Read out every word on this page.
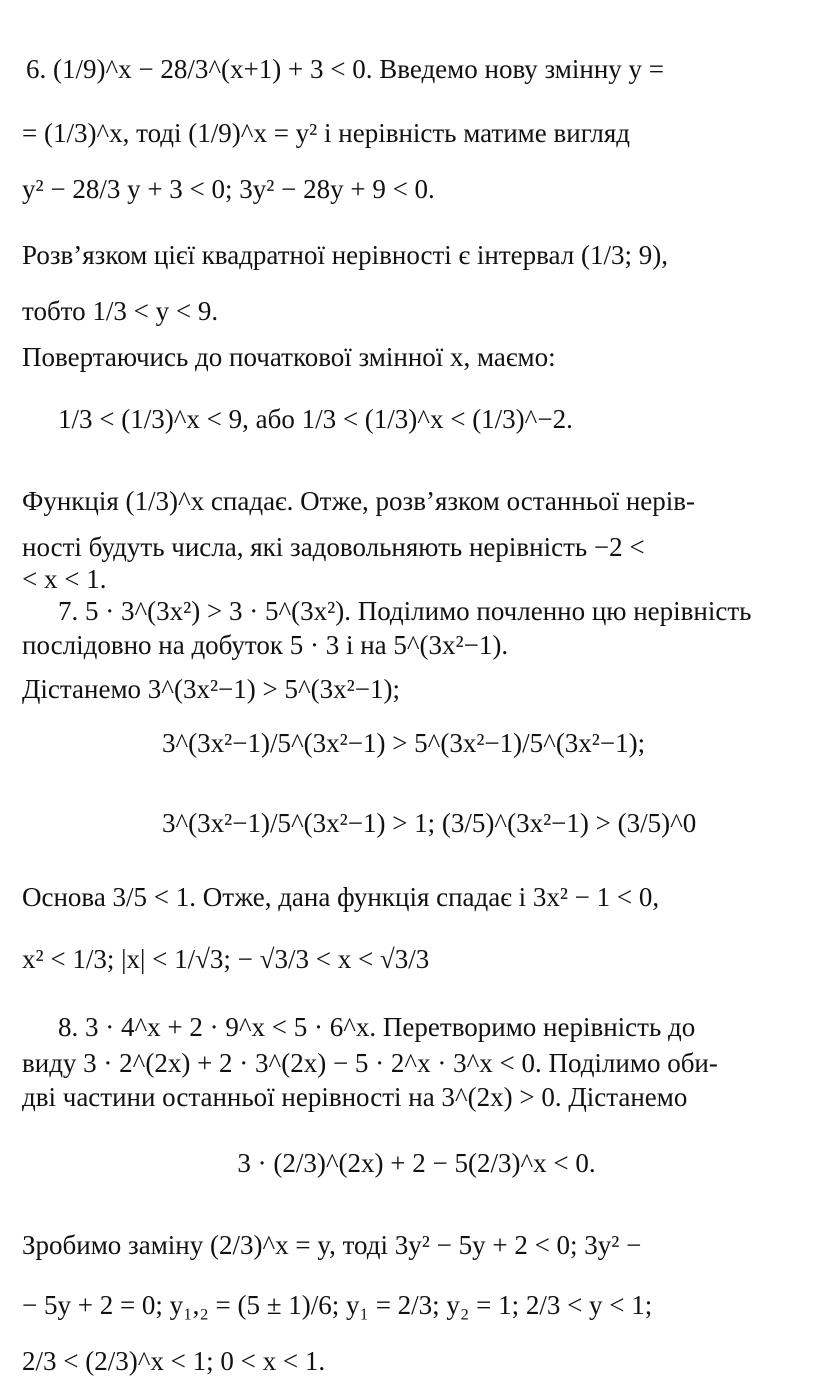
6. (1/9)^x − 28/3^(x+1) + 3 < 0. Введемо нову змінну y =
= (1/3)^x, тоді (1/9)^x = y² і нерівність матиме вигляд
y² − 28/3 y + 3 < 0; 3y² − 28y + 9 < 0.
Розв’язком цієї квадратної нерівності є інтервал (1/3; 9),
тобто 1/3 < y < 9.
Повертаючись до початкової змінної x, маємо:
1/3 < (1/3)^x < 9, або 1/3 < (1/3)^x < (1/3)^−2.
Функція (1/3)^x спадає. Отже, розв’язком останньої нерів-
ності будуть числа, які задовольняють нерівність −2 <
< x < 1.
7. 5 · 3^(3x²) > 3 · 5^(3x²). Поділимо почленно цю нерівність
послідовно на добуток 5 · 3 і на 5^(3x²−1).
Дістанемо 3^(3x²−1) > 5^(3x²−1);
3^(3x²−1)/5^(3x²−1) > 5^(3x²−1)/5^(3x²−1);
3^(3x²−1)/5^(3x²−1) > 1; (3/5)^(3x²−1) > (3/5)^0
Основа 3/5 < 1. Отже, дана функція спадає і 3x² − 1 < 0,
x² < 1/3; |x| < 1/√3; − √3/3 < x < √3/3
8. 3 · 4^x + 2 · 9^x < 5 · 6^x. Перетворимо нерівність до
виду 3 · 2^(2x) + 2 · 3^(2x) − 5 · 2^x · 3^x < 0. Поділимо оби-
дві частини останньої нерівності на 3^(2x) > 0. Дістанемо
3 · (2/3)^(2x) + 2 − 5(2/3)^x < 0.
Зробимо заміну (2/3)^x = y, тоді 3y² − 5y + 2 < 0; 3y² −
− 5y + 2 = 0; y₁,₂ = (5 ± 1)/6; y₁ = 2/3; y₂ = 1; 2/3 < y < 1;
2/3 < (2/3)^x < 1; 0 < x < 1.
